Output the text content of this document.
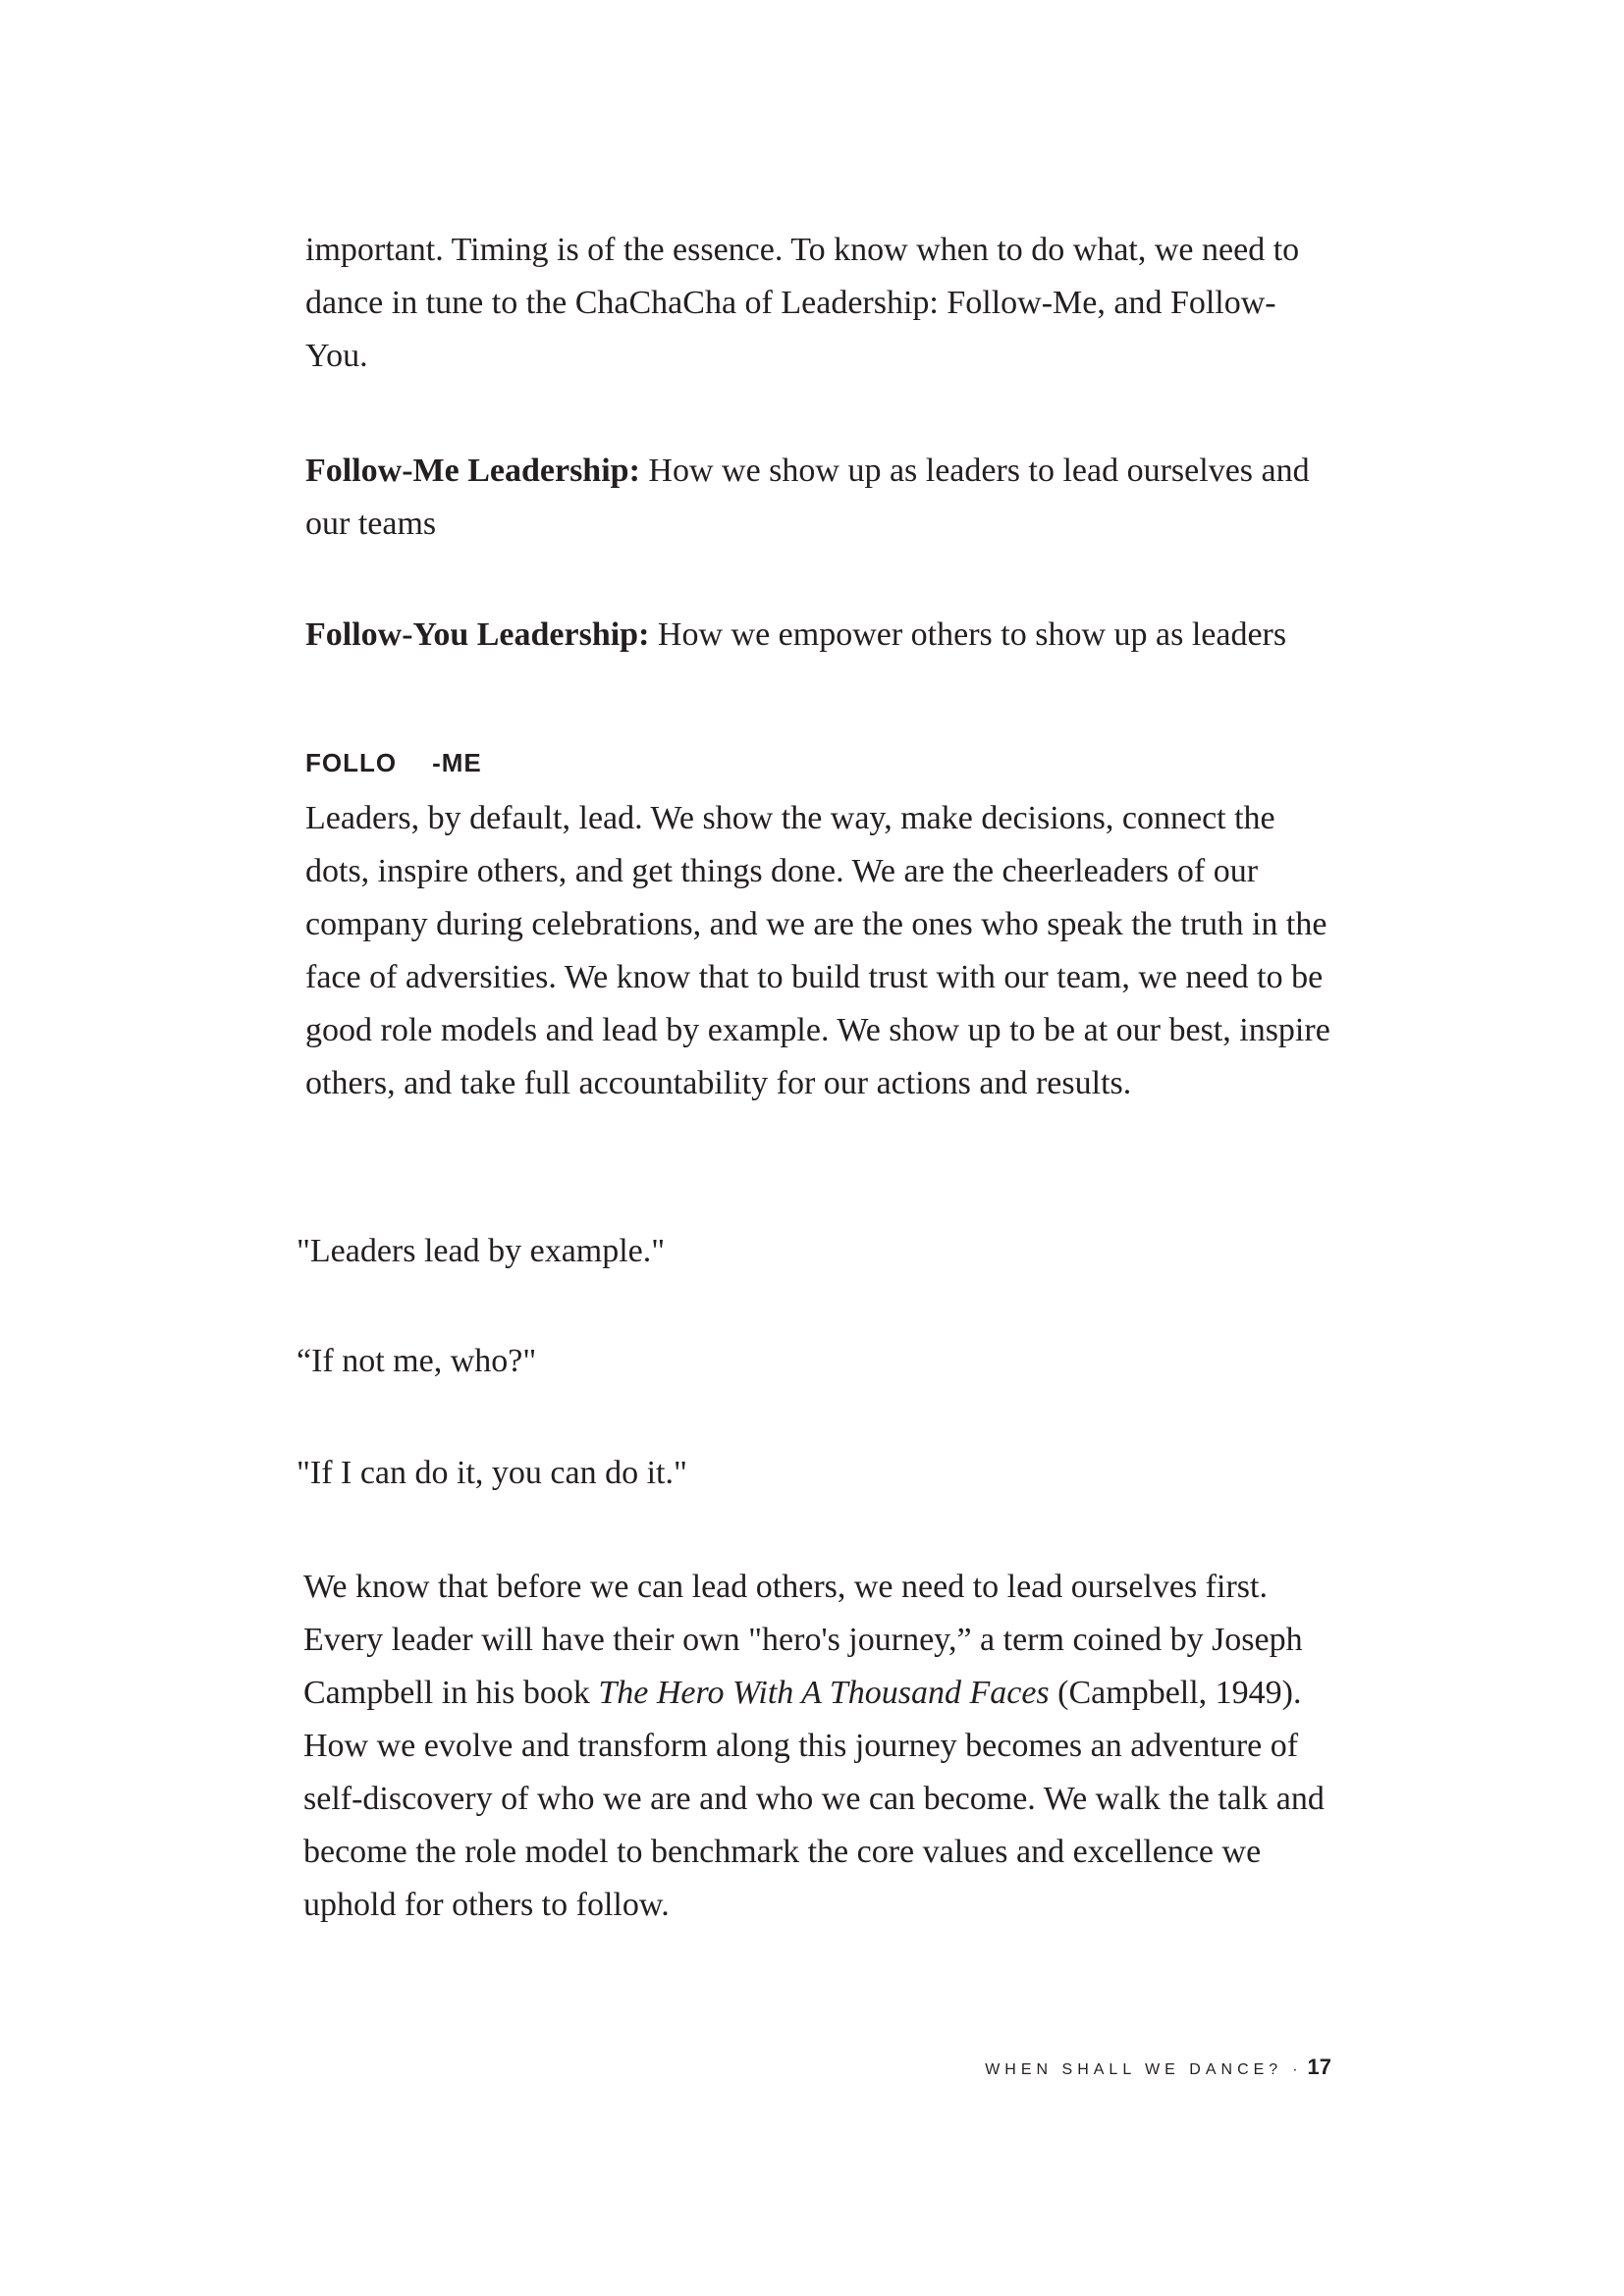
important. Timing is of the essence. To know when to do what, we need to dance in tune to the ChaChaCha of Leadership: Follow-Me, and Follow-You.

Follow-Me Leadership: How we show up as leaders to lead ourselves and our teams

Follow-You Leadership: How we empower others to show up as leaders

FOLLO -ME

Leaders, by default, lead. We show the way, make decisions, connect the dots, inspire others, and get things done. We are the cheerleaders of our company during celebrations, and we are the ones who speak the truth in the face of adversities. We know that to build trust with our team, we need to be good role models and lead by example. We show up to be at our best, inspire others, and take full accountability for our actions and results.

"Leaders lead by example."

“If not me, who?"

"If I can do it, you can do it."

We know that before we can lead others, we need to lead ourselves first. Every leader will have their own "hero's journey,” a term coined by Joseph Campbell in his book The Hero With A Thousand Faces (Campbell, 1949). How we evolve and transform along this journey becomes an adventure of self-discovery of who we are and who we can become. We walk the talk and become the role model to benchmark the core values and excellence we uphold for others to follow.

WHEN SHALL WE DANCE? · 17
